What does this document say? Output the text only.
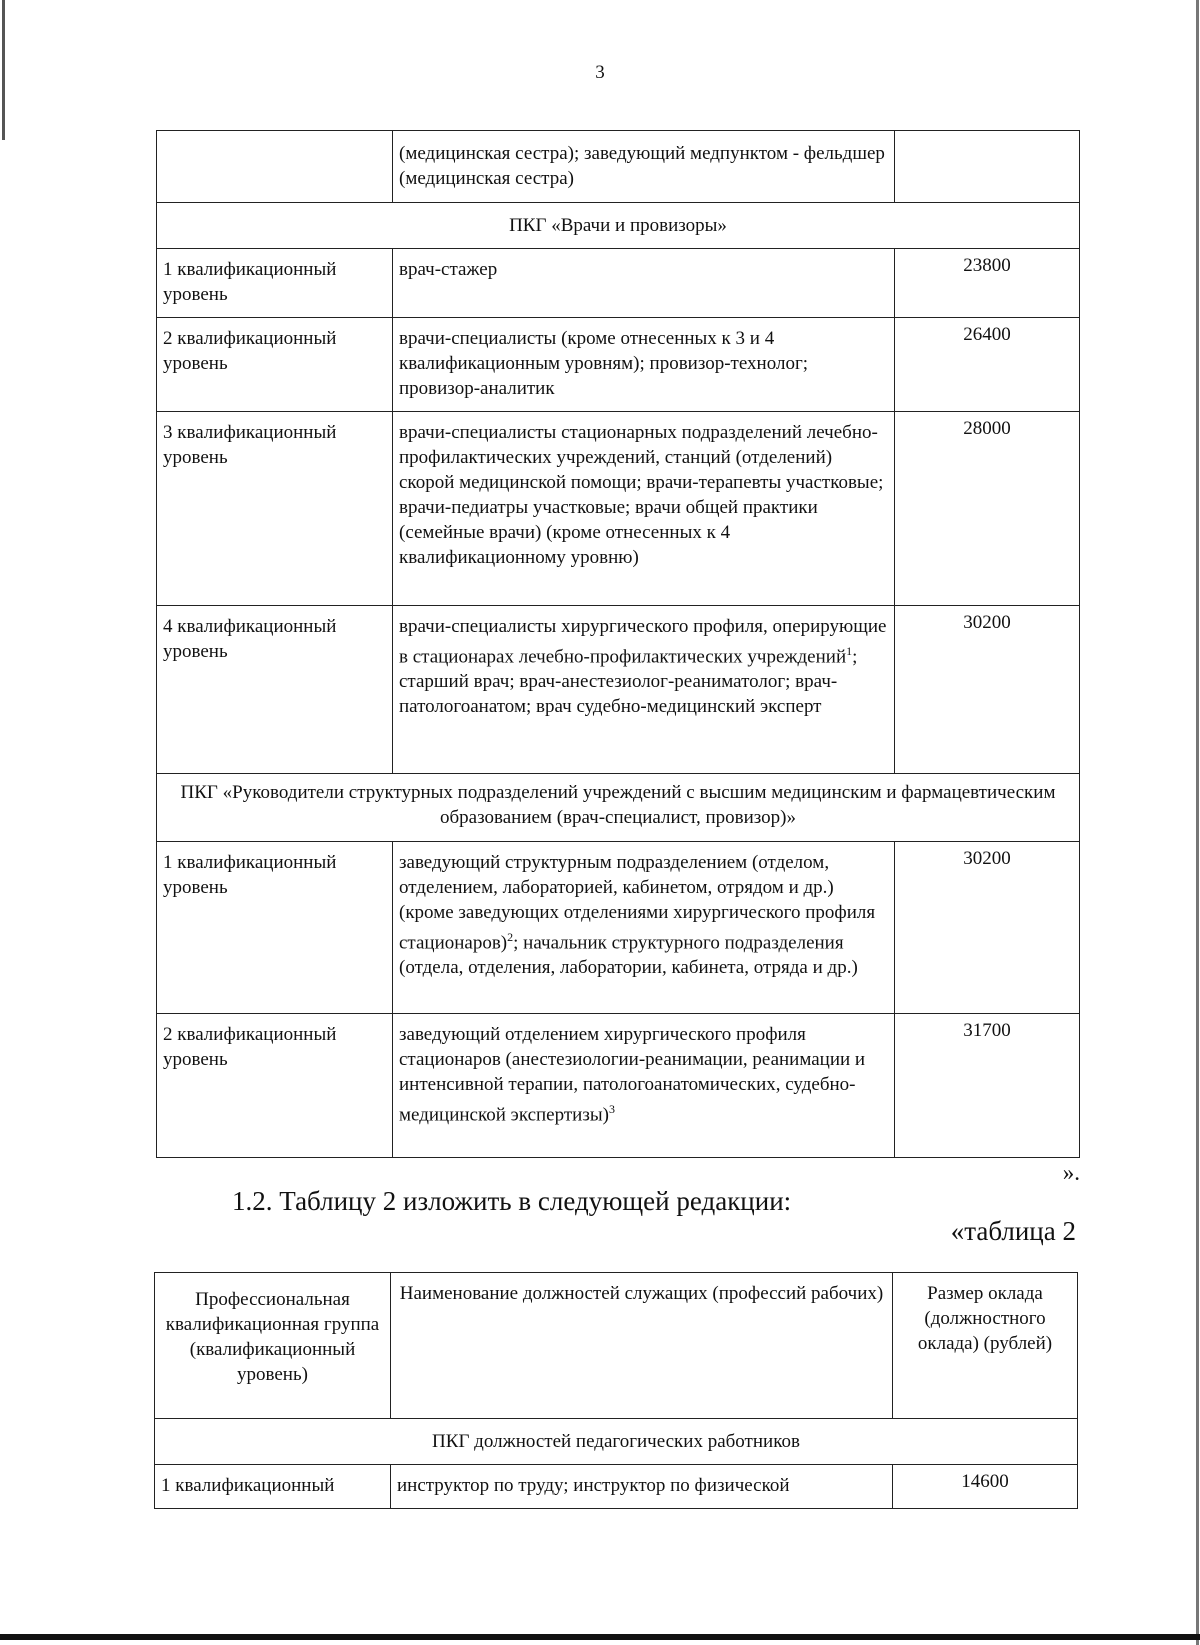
3
	(медицинская сестра); заведующий медпунктом - фельдшер (медицинская сестра)	
ПКГ «Врачи и провизоры»		
1 квалификационный уровень	врач-стажер	23800
2 квалификационный уровень	врачи-специалисты (кроме отнесенных к 3 и 4 квалификационным уровням); провизор-технолог; провизор-аналитик	26400
3 квалификационный уровень	врачи-специалисты стационарных подразделений лечебно-профилактических учреждений, станций (отделений) скорой медицинской помощи; врачи-терапевты участковые; врачи-педиатры участковые; врачи общей практики (семейные врачи) (кроме отнесенных к 4 квалификационному уровню)	28000
4 квалификационный уровень	врачи-специалисты хирургического профиля, оперирующие в стационарах лечебно-профилактических учреждений$^1$; старший врач; врач-анестезиолог-реаниматолог; врач-патологоанатом; врач судебно-медицинский эксперт	30200
ПКГ «Руководители структурных подразделений учреждений с высшим медицинским и фармацевтическим образованием (врач-специалист, провизор)»		
1 квалификационный уровень	заведующий структурным подразделением (отделом, отделением, лабораторией, кабинетом, отрядом и др.) (кроме заведующих отделениями хирургического профиля стационаров)$^2$; начальник структурного подразделения (отдела, отделения, лаборатории, кабинета, отряда и др.)	30200
2 квалификационный уровень	заведующий отделением хирургического профиля стационаров (анестезиологии-реанимации, реанимации и интенсивной терапии, патологоанатомических, судебно-медицинской экспертизы)$^3$	31700
».
1.2. Таблицу 2 изложить в следующей редакции:
«таблица 2
Профессиональная квалификационная группа (квалификационный уровень)	Наименование должностей служащих (профессий рабочих)	Размер оклада (должностного оклада) (рублей)
ПКГ должностей педагогических работников		
1 квалификационный	инструктор по труду; инструктор по физической	14600
